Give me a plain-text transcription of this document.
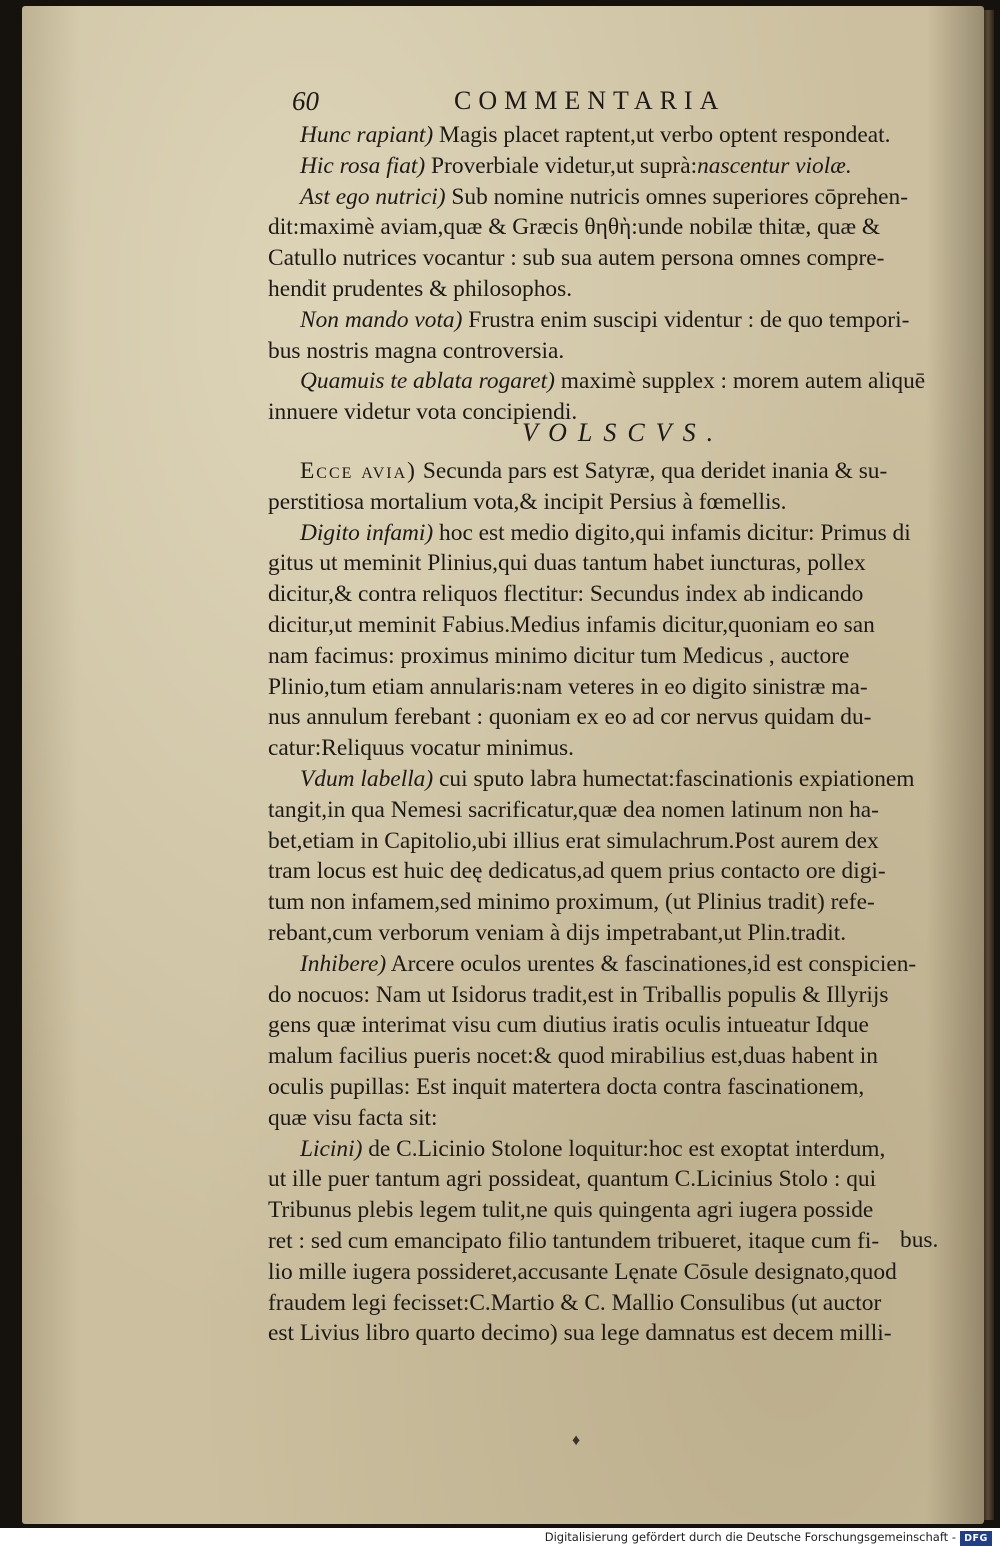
60	COMMENTARIA

Hunc rapiant) Magis placet raptent,ut verbo optent respondeat.

Hic rosa fiat) Proverbiale videtur,ut suprà:nascentur violæ.

Ast ego nutrici) Sub nomine nutricis omnes superiores cōprehen-

dit:maximè aviam,quæ & Græcis θηθὴ:unde nobilæ thitæ, quæ &

Catullo nutrices vocantur : sub sua autem persona omnes compre-

hendit prudentes & philosophos.

Non mando vota) Frustra enim suscipi videntur : de quo tempori-

bus nostris magna controversia.

Quamuis te ablata rogaret) maximè supplex : morem autem aliquē

innuere videtur vota concipiendi.

Ecce avia) Secunda pars est Satyræ, qua deridet inania & su-

perstitiosa mortalium vota,& incipit Persius à fœmellis.

Digito infami) hoc est medio digito,qui infamis dicitur: Primus di

gitus ut meminit Plinius,qui duas tantum habet iuncturas, pollex

dicitur,& contra reliquos flectitur: Secundus index ab indicando

dicitur,ut meminit Fabius.Medius infamis dicitur,quoniam eo san

nam facimus: proximus minimo dicitur tum Medicus , auctore

Plinio,tum etiam annularis:nam veteres in eo digito sinistræ ma-

nus annulum ferebant : quoniam ex eo ad cor nervus quidam du-

catur:Reliquus vocatur minimus.

Vdum labella) cui sputo labra humectat:fascinationis expiationem

tangit,in qua Nemesi sacrificatur,quæ dea nomen latinum non ha-

bet,etiam in Capitolio,ubi illius erat simulachrum.Post aurem dex

tram locus est huic deę dedicatus,ad quem prius contacto ore digi-

tum non infamem,sed minimo proximum, (ut Plinius tradit) refe-

rebant,cum verborum veniam à dijs impetrabant,ut Plin.tradit.

Inhibere) Arcere oculos urentes & fascinationes,id est conspicien-

do nocuos: Nam ut Isidorus tradit,est in Triballis populis & Illyrijs

gens quæ interimat visu cum diutius iratis oculis intueatur Idque

malum facilius pueris nocet:& quod mirabilius est,duas habent in

oculis pupillas: Est inquit matertera docta contra fascinationem,

quæ visu facta sit:

Licini) de C.Licinio Stolone loquitur:hoc est exoptat interdum,

ut ille puer tantum agri possideat, quantum C.Licinius Stolo : qui

Tribunus plebis legem tulit,ne quis quingenta agri iugera posside

ret : sed cum emancipato filio tantundem tribueret, itaque cum fi-

lio mille iugera possideret,accusante Lęnate Cōsule designato,quod

fraudem legi fecisset:C.Martio & C. Mallio Consulibus (ut auctor

est Livius libro quarto decimo) sua lege damnatus est decem milli-

bus.

VOLSCVS.
♦
Digitalisierung gefördert durch die Deutsche Forschungsgemeinschaft - DFG
